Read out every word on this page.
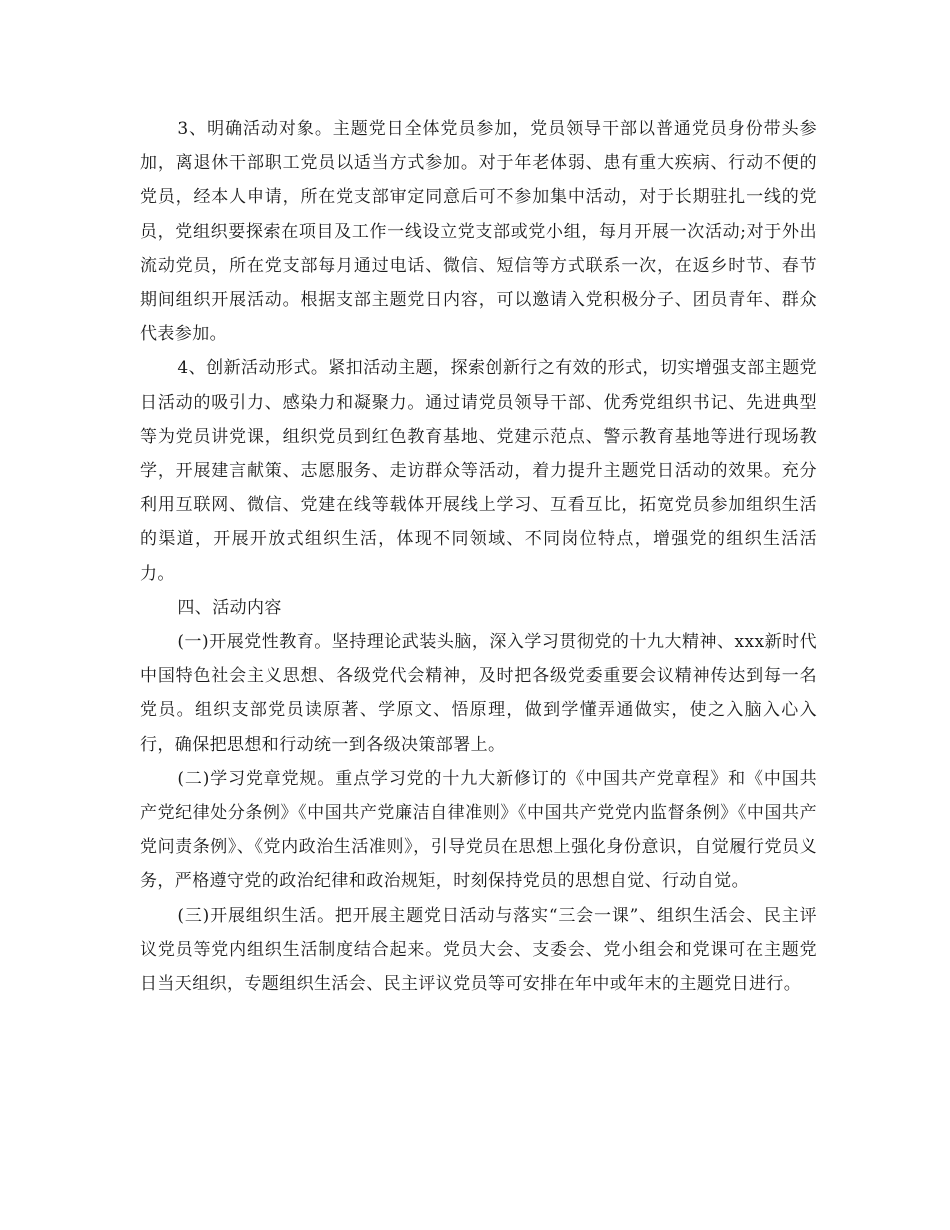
3、明确活动对象。主题党日全体党员参加，党员领导干部以普通党员身份带头参加，离退休干部职工党员以适当方式参加。对于年老体弱、患有重大疾病、行动不便的党员，经本人申请，所在党支部审定同意后可不参加集中活动，对于长期驻扎一线的党员，党组织要探索在项目及工作一线设立党支部或党小组，每月开展一次活动;对于外出流动党员，所在党支部每月通过电话、微信、短信等方式联系一次，在返乡时节、春节期间组织开展活动。根据支部主题党日内容，可以邀请入党积极分子、团员青年、群众代表参加。

4、创新活动形式。紧扣活动主题，探索创新行之有效的形式，切实增强支部主题党日活动的吸引力、感染力和凝聚力。通过请党员领导干部、优秀党组织书记、先进典型等为党员讲党课，组织党员到红色教育基地、党建示范点、警示教育基地等进行现场教学，开展建言献策、志愿服务、走访群众等活动，着力提升主题党日活动的效果。充分利用互联网、微信、党建在线等载体开展线上学习、互看互比，拓宽党员参加组织生活的渠道，开展开放式组织生活，体现不同领域、不同岗位特点，增强党的组织生活活力。

四、活动内容

(一)开展党性教育。坚持理论武装头脑，深入学习贯彻党的十九大精神、xxx新时代中国特色社会主义思想、各级党代会精神，及时把各级党委重要会议精神传达到每一名党员。组织支部党员读原著、学原文、悟原理，做到学懂弄通做实，使之入脑入心入行，确保把思想和行动统一到各级决策部署上。

(二)学习党章党规。重点学习党的十九大新修订的《中国共产党章程》和《中国共产党纪律处分条例》《中国共产党廉洁自律准则》《中国共产党党内监督条例》《中国共产党问责条例》、《党内政治生活准则》，引导党员在思想上强化身份意识，自觉履行党员义务，严格遵守党的政治纪律和政治规矩，时刻保持党员的思想自觉、行动自觉。

(三)开展组织生活。把开展主题党日活动与落实“三会一课”、组织生活会、民主评议党员等党内组织生活制度结合起来。党员大会、支委会、党小组会和党课可在主题党日当天组织，专题组织生活会、民主评议党员等可安排在年中或年末的主题党日进行。
